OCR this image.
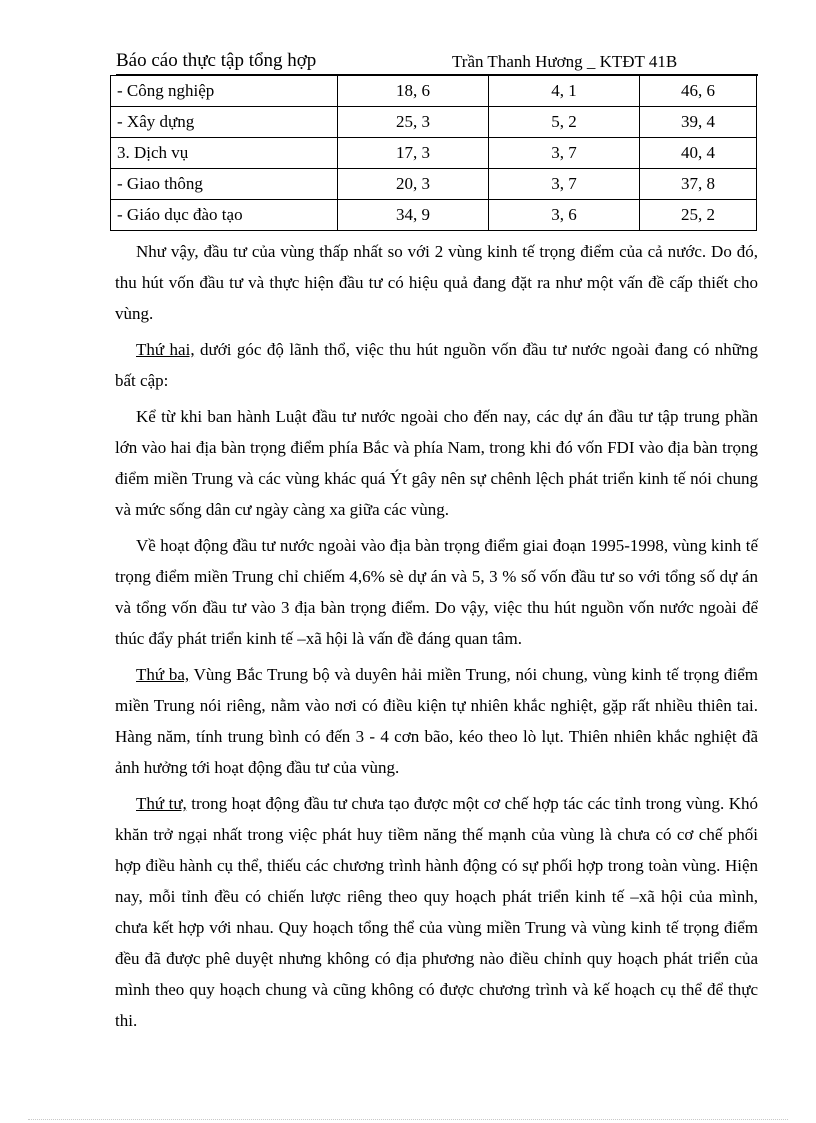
Báo cáo thực tập tổng hợp	Trần Thanh Hương _ KTĐT 41B
- Công nghiệp	18, 6	4, 1	46, 6
- Xây dựng	25, 3	5, 2	39, 4
3. Dịch vụ	17, 3	3, 7	40, 4
- Giao thông	20, 3	3, 7	37, 8
- Giáo dục đào tạo	34, 9	3, 6	25, 2

Như vậy, đầu tư của vùng thấp nhất so với 2 vùng kinh tế trọng điểm của cả nước. Do đó, thu hút vốn đầu tư và thực hiện đầu tư có hiệu quả đang đặt ra như một vấn đề cấp thiết cho vùng.

Thứ hai, dưới góc độ lãnh thổ, việc thu hút nguồn vốn đầu tư nước ngoài đang có những bất cập:

Kể từ khi ban hành Luật đầu tư nước ngoài cho đến nay, các dự án đầu tư tập trung phần lớn vào hai địa bàn trọng điểm phía Bắc và phía Nam, trong khi đó vốn FDI vào địa bàn trọng điểm miền Trung và các vùng khác quá Ýt gây nên sự chênh lệch phát triển kinh tế nói chung và mức sống dân cư ngày càng xa giữa các vùng.

Về hoạt động đầu tư nước ngoài vào địa bàn trọng điểm giai đoạn 1995-1998, vùng kinh tế trọng điểm miền Trung chỉ chiếm 4,6% sè dự án và 5, 3 % số vốn đầu tư so với tổng số dự án và tổng vốn đầu tư vào 3 địa bàn trọng điểm. Do vậy, việc thu hút nguồn vốn nước ngoài để thúc đẩy phát triển kinh tế –xã hội là vấn đề đáng quan tâm.

Thứ ba, Vùng Bắc Trung bộ và duyên hải miền Trung, nói chung, vùng kinh tế trọng điểm miền Trung nói riêng, nằm vào nơi có điều kiện tự nhiên khắc nghiệt, gặp rất nhiều thiên tai. Hàng năm, tính trung bình có đến 3 - 4 cơn bão, kéo theo lò lụt. Thiên nhiên khắc nghiệt đã ảnh hưởng tới hoạt động đầu tư của vùng.

Thứ tư, trong hoạt động đầu tư chưa tạo được một cơ chế hợp tác các tỉnh trong vùng. Khó khăn trở ngại nhất trong việc phát huy tiềm năng thế mạnh của vùng là chưa có cơ chế phối hợp điều hành cụ thể, thiếu các chương trình hành động có sự phối hợp trong toàn vùng. Hiện nay, mỗi tỉnh đều có chiến lược riêng theo quy hoạch phát triển kinh tế –xã hội của mình, chưa kết hợp với nhau. Quy hoạch tổng thể của vùng miền Trung và vùng kinh tế trọng điểm đều đã được phê duyệt nhưng không có địa phương nào điều chỉnh quy hoạch phát triển của mình theo quy hoạch chung và cũng không có được chương trình và kế hoạch cụ thể để thực thi.
